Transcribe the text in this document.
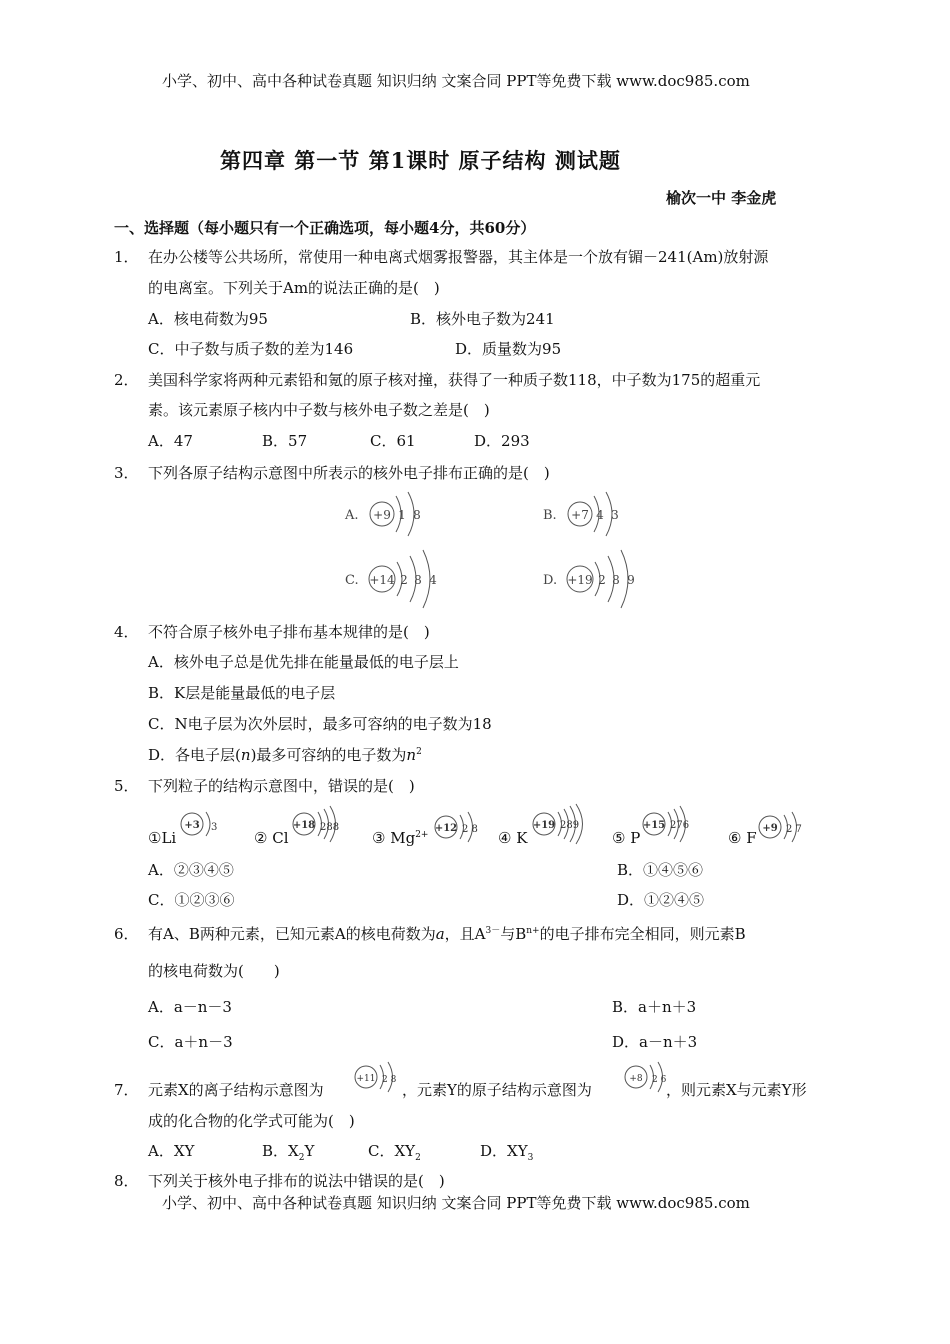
小学、初中、高中各种试卷真题 知识归纳 文案合同 PPT等免费下载 www.doc985.com
第四章 第一节 第1课时 原子结构 测试题
榆次一中 李金虎
一、选择题（每小题只有一个正确选项，每小题4分，共60分）
1． 在办公楼等公共场所，常使用一种电离式烟雾报警器，其主体是一个放有镅－241(Am)放射源
的电离室。下列关于Am的说法正确的是(　)
A．核电荷数为95	B．核外电子数为241
C．中子数与质子数的差为146	D．质量数为95
2． 美国科学家将两种元素铅和氪的原子核对撞，获得了一种质子数118，中子数为175的超重元
素。该元素原子核内中子数与核外电子数之差是(　)
A．47	B．57	C．61	D．293
3． 下列各原子结构示意图中所表示的核外电子排布正确的是(　)
A. +9 1 8	B. +7 4 3
C. +14 2 8 4	D. +19 2 8 9
4． 不符合原子核外电子排布基本规律的是(　)
A．核外电子总是优先排在能量最低的电子层上
B．K层是能量最低的电子层
C．N电子层为次外层时，最多可容纳的电子数为18
D．各电子层(n)最多可容纳的电子数为$n^2$
5． 下列粒子的结构示意图中，错误的是(　)
①Li
+3 3
② Cl
+18 288
③ $Mg^{2+}$
+12 2 8 ④ K
+19 289
⑤ P
+15 276
⑥ F
+9 2 7
A．②③④⑤	B．①④⑤⑥
C．①②③⑥	D．①②④⑤
6． 有A、B两种元素，已知元素A的核电荷数为a，且$A^{3-}$与$B^{n+}$的电子排布完全相同，则元素B
的核电荷数为(　　)
A．a－n－3	B．a＋n＋3
C．a＋n－3	D．a－n＋3
7． 元素X的离子结构示意图为
+11 2 8
，元素Y的原子结构示意图为
+8 2 6
，则元素X与元素Y形
成的化合物的化学式可能为(　)
A．XY	B．$X_2Y$	C．$XY_2$	D．$XY_3$
8． 下列关于核外电子排布的说法中错误的是(　)
小学、初中、高中各种试卷真题 知识归纳 文案合同 PPT等免费下载 www.doc985.com
